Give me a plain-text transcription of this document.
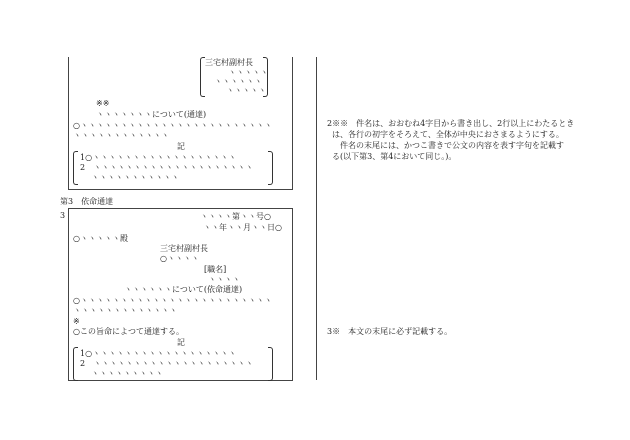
三宅村副村長
ヽヽヽヽヽ
ヽヽヽヽヽヽ
ヽヽヽヽヽ
※※
ヽヽヽヽヽヽヽについて(通達)
○ヽヽヽヽヽヽヽヽヽヽヽヽヽヽヽヽヽヽヽヽヽヽヽヽ
ヽヽヽヽヽヽヽヽヽヽヽヽ
記
1○ヽヽヽヽヽヽヽヽヽヽヽヽヽヽヽヽヽヽ
2　ヽヽヽヽヽヽヽヽヽヽヽヽヽヽヽヽヽヽヽヽ
ヽヽヽヽヽヽヽヽヽヽヽ
第3　依命通達
3	ヽヽヽヽ第ヽヽ号○
ヽヽ年ヽヽ月ヽヽ日○
○ヽヽヽヽヽ殿
三宅村副村長
○ヽヽヽヽ
[職名]
ヽヽヽヽ
ヽヽヽヽヽヽについて(依命通達)
○ヽヽヽヽヽヽヽヽヽヽヽヽヽヽヽヽヽヽヽヽヽヽヽヽ
ヽヽヽヽヽヽヽヽヽヽヽヽヽ
※
○この旨命によつて通達する。
記
1○ヽヽヽヽヽヽヽヽヽヽヽヽヽヽヽヽヽヽ
2　ヽヽヽヽヽヽヽヽヽヽヽヽヽヽヽヽヽヽヽヽ
ヽヽヽヽヽヽヽヽヽ
2※※　件名は、おおむね4字目から書き出し、2行以上にわたるとき
は、各行の初字をそろえて、全体が中央におさまるようにする。
　件名の末尾には、かつこ書きで公文の内容を表す字句を記載す
る(以下第3、第4において同じ。)。
3※　本文の末尾に必ず記載する。
